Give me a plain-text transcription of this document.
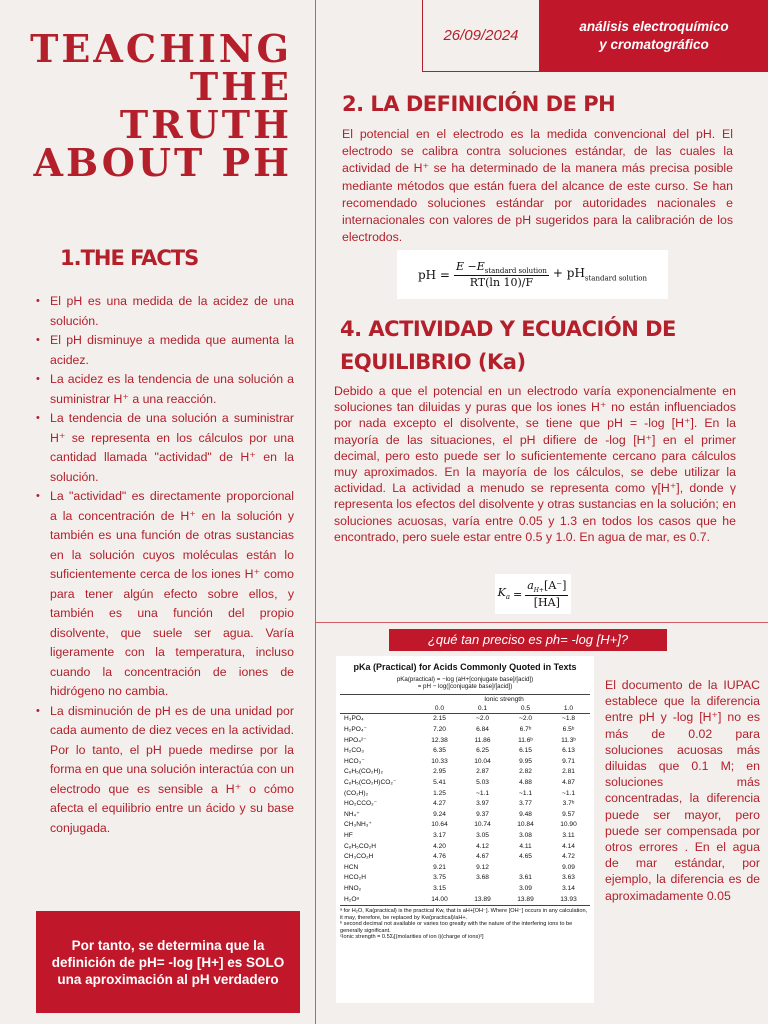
TEACHING
THE
TRUTH
ABOUT PH
26/09/2024
análisis electroquímico
y cromatográfico
1.THE FACTS
• El pH es una medida de la acidez de una solución.
• El pH disminuye a medida que aumenta la acidez.
• La acidez es la tendencia de una solución a suministrar H⁺ a una reacción.
• La tendencia de una solución a suministrar H⁺ se representa en los cálculos por una cantidad llamada "actividad" de H⁺ en la solución.
• La "actividad" es directamente proporcional a la concentración de H⁺ en la solución y también es una función de otras sustancias en la solución cuyos moléculas están lo suficientemente cerca de los iones H⁺ como para tener algún efecto sobre ellos, y también es una función del propio disolvente, que suele ser agua. Varía ligeramente con la temperatura, incluso cuando la concentración de iones de hidrógeno no cambia.
• La disminución de pH es de una unidad por cada aumento de diez veces en la actividad. Por lo tanto, el pH puede medirse por la forma en que una solución interactúa con un electrodo que es sensible a H⁺ o cómo afecta el equilibrio entre un ácido y su base conjugada.
Por tanto, se determina que la definición de pH= -log [H+] es SOLO una aproximación al pH verdadero
2. LA DEFINICIÓN DE PH

El potencial en el electrodo es la medida convencional del pH. El electrodo se calibra contra soluciones estándar, de las cuales la actividad de H⁺ se ha determinado de la manera más precisa posible mediante métodos que están fuera del alcance de este curso. Se han recomendado soluciones estándar por autoridades nacionales e internacionales con valores de pH sugeridos para la calibración de los electrodos.

pH = $\frac{E -E_{standard solution}}{RT(\ln 10)/F} + pH_{standard solution}$
4. ACTIVIDAD Y ECUACIÓN DE EQUILIBRIO (Ka)

Debido a que el potencial en un electrodo varía exponencialmente en soluciones tan diluidas y puras que los iones H⁺ no están influenciados por nada excepto el disolvente, se tiene que pH = -log [H⁺]. En la mayoría de las situaciones, el pH difiere de -log [H⁺] en el primer decimal, pero esto puede ser lo suficientemente cercano para cálculos muy aproximados. En la mayoría de los cálculos, se debe utilizar la actividad. La actividad a menudo se representa como γ[H⁺], donde γ representa los efectos del disolvente y otras sustancias en la solución; en soluciones acuosas, varía entre 0.05 y 1.3 en todos los casos que he encontrado, pero suele estar entre 0.5 y 1.0. En agua de mar, es 0.7.

$K_a = \frac{a_{H+}[A^-]}{[HA]}$
¿qué tan preciso es ph= -log [H+]?
pKa (Practical) for Acids Commonly Quoted in Texts
pKa(practical) = −log (aH+[conjugate base]/[acid])
= pH − log([conjugate base]/[acid])
	Ionic strength			
	0.0	0.1	0.5	1.0
H₃PO₄	2.15	~2.0	~2.0	~1.8
H₂PO₄⁻	7.20	6.84	6.7ᵇ	6.5ᵇ
HPO₄²⁻	12.38	11.86	11.6ᵇ	11.3ᵇ
H₂CO₃	6.35	6.25	6.15	6.13
HCO₃⁻	10.33	10.04	9.95	9.71
C₆H₅(CO₂H)₂	2.95	2.87	2.82	2.81
C₆H₅(CO₂H)CO₂⁻	5.41	5.03	4.88	4.87
(CO₂H)₂	1.25	~1.1	~1.1	~1.1
HO₂CCO₂⁻	4.27	3.97	3.77	3.7ᵇ
NH₄⁺	9.24	9.37	9.48	9.57
CH₃NH₃⁺	10.64	10.74	10.84	10.90
HF	3.17	3.05	3.08	3.11
C₆H₅CO₂H	4.20	4.12	4.11	4.14
CH₃CO₂H	4.76	4.67	4.65	4.72
HCN	9.21	9.12		9.09
HCO₂H	3.75	3.68	3.61	3.63
HNO₂	3.15		3.09	3.14
H₂Oᵃ	14.00	13.89	13.89	13.93
ᵃ for H₂O, Ka(practical) is the practical Kw, that is aH+[OH⁻]. Where [OH⁻] occurs in any calculation, it may, therefore, be replaced by Kw(practical)/aH+.
ᵇ second decimal not available or varies too greatly with the nature of the interfering ions to be generally significant.
ᶜIonic strength = 0.5Σᵢ[(molarities of ion i)(charge of ions)²]

El documento de la IUPAC establece que la diferencia entre pH y -log [H⁺] no es más de 0.02 para soluciones acuosas más diluidas que 0.1 M; en soluciones más concentradas, la diferencia puede ser mayor, pero puede ser compensada por otros errores . En el agua de mar estándar, por ejemplo, la diferencia es de aproximadamente 0.05
